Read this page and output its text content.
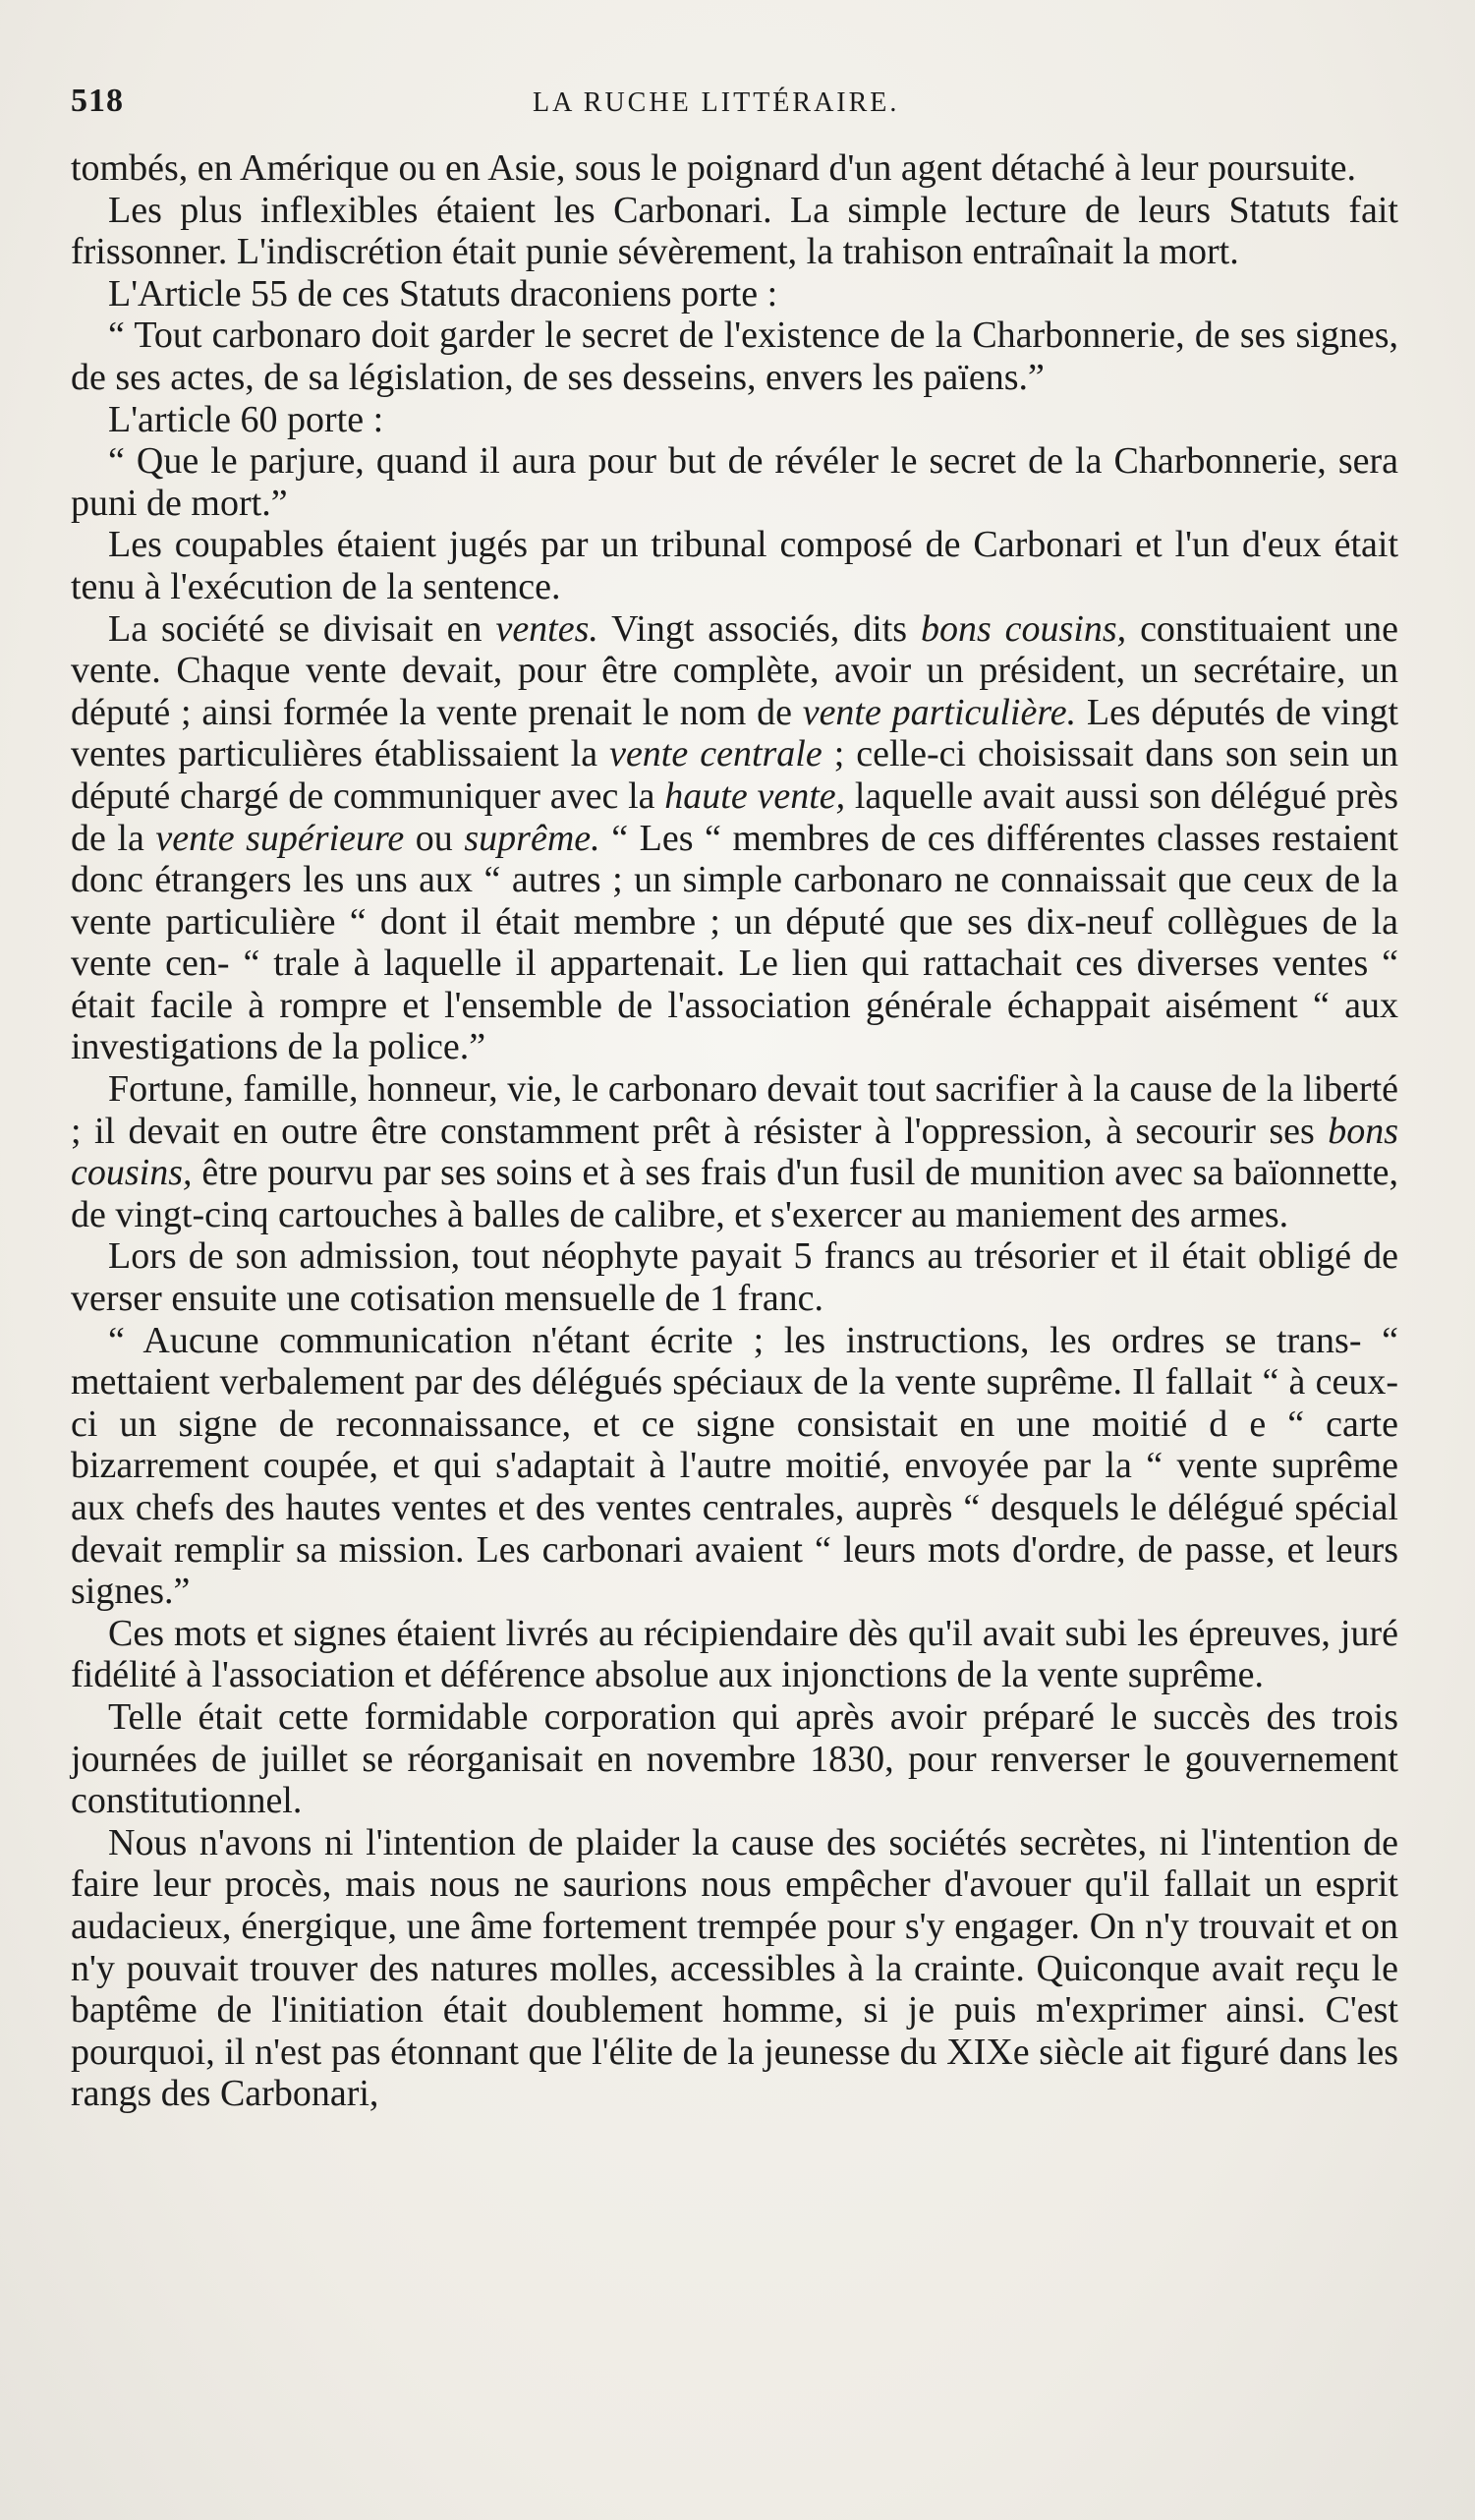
518	LA RUCHE LITTÉRAIRE.

tombés, en Amérique ou en Asie, sous le poignard d'un agent détaché à leur poursuite.

Les plus inflexibles étaient les Carbonari. La simple lecture de leurs Statuts fait frissonner. L'indiscrétion était punie sévèrement, la trahison entraînait la mort.

L'Article 55 de ces Statuts draconiens porte :

“ Tout carbonaro doit garder le secret de l'existence de la Charbonnerie, de ses signes, de ses actes, de sa législation, de ses desseins, envers les païens.”

L'article 60 porte :

“ Que le parjure, quand il aura pour but de révéler le secret de la Charbonnerie, sera puni de mort.”

Les coupables étaient jugés par un tribunal composé de Carbonari et l'un d'eux était tenu à l'exécution de la sentence.

La société se divisait en ventes. Vingt associés, dits bons cousins, constituaient une vente. Chaque vente devait, pour être complète, avoir un président, un secrétaire, un député ; ainsi formée la vente prenait le nom de vente particulière. Les députés de vingt ventes particulières établissaient la vente centrale ; celle-ci choisissait dans son sein un député chargé de communiquer avec la haute vente, laquelle avait aussi son délégué près de la vente supérieure ou suprême. “ Les “ membres de ces différentes classes restaient donc étrangers les uns aux “ autres ; un simple carbonaro ne connaissait que ceux de la vente particulière “ dont il était membre ; un député que ses dix-neuf collègues de la vente cen- “ trale à laquelle il appartenait. Le lien qui rattachait ces diverses ventes “ était facile à rompre et l'ensemble de l'association générale échappait aisément “ aux investigations de la police.”

Fortune, famille, honneur, vie, le carbonaro devait tout sacrifier à la cause de la liberté ; il devait en outre être constamment prêt à résister à l'oppression, à secourir ses bons cousins, être pourvu par ses soins et à ses frais d'un fusil de munition avec sa baïonnette, de vingt-cinq cartouches à balles de calibre, et s'exercer au maniement des armes.

Lors de son admission, tout néophyte payait 5 francs au trésorier et il était obligé de verser ensuite une cotisation mensuelle de 1 franc.

“ Aucune communication n'étant écrite ; les instructions, les ordres se trans- “ mettaient verbalement par des délégués spéciaux de la vente suprême. Il fallait “ à ceux-ci un signe de reconnaissance, et ce signe consistait en une moitié d e “ carte bizarrement coupée, et qui s'adaptait à l'autre moitié, envoyée par la “ vente suprême aux chefs des hautes ventes et des ventes centrales, auprès “ desquels le délégué spécial devait remplir sa mission. Les carbonari avaient “ leurs mots d'ordre, de passe, et leurs signes.”

Ces mots et signes étaient livrés au récipiendaire dès qu'il avait subi les épreuves, juré fidélité à l'association et déférence absolue aux injonctions de la vente suprême.

Telle était cette formidable corporation qui après avoir préparé le succès des trois journées de juillet se réorganisait en novembre 1830, pour renverser le gouvernement constitutionnel.

Nous n'avons ni l'intention de plaider la cause des sociétés secrètes, ni l'intention de faire leur procès, mais nous ne saurions nous empêcher d'avouer qu'il fallait un esprit audacieux, énergique, une âme fortement trempée pour s'y engager. On n'y trouvait et on n'y pouvait trouver des natures molles, accessibles à la crainte. Quiconque avait reçu le baptême de l'initiation était doublement homme, si je puis m'exprimer ainsi. C'est pourquoi, il n'est pas étonnant que l'élite de la jeunesse du XIXe siècle ait figuré dans les rangs des Carbonari,
